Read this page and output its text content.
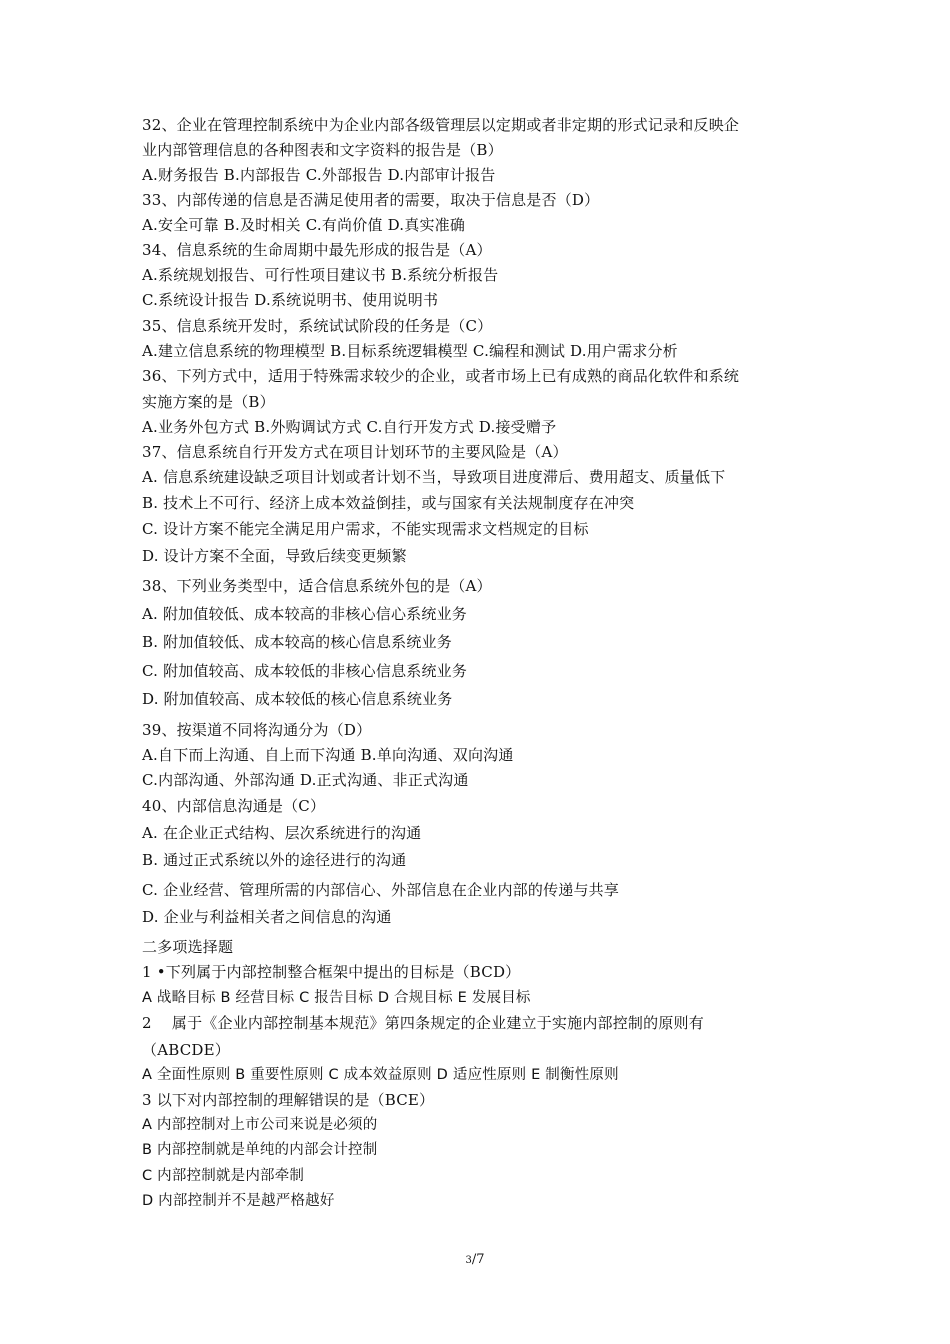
32、企业在管理控制系统中为企业内部各级管理层以定期或者非定期的形式记录和反映企
业内部管理信息的各种图表和文字资料的报告是（B）
A.财务报告 B.内部报告 C.外部报告 D.内部审计报告
33、内部传递的信息是否满足使用者的需要，取决于信息是否（D）
A.安全可靠 B.及时相关 C.有尚价值 D.真实准确
34、信息系统的生命周期中最先形成的报告是（A）
A.系统规划报告、可行性项目建议书 B.系统分析报告
C.系统设计报告 D.系统说明书、使用说明书
35、信息系统开发时，系统试试阶段的任务是（C）
A.建立信息系统的物理模型 B.目标系统逻辑模型 C.编程和测试 D.用户需求分析
36、下列方式中，适用于特殊需求较少的企业，或者市场上已有成熟的商品化软件和系统
实施方案的是（B）
A.业务外包方式 B.外购调试方式 C.自行开发方式 D.接受赠予
37、信息系统自行开发方式在项目计划环节的主要风险是（A）
A. 信息系统建设缺乏项目计划或者计划不当，导致项目进度滞后、费用超支、质量低下
B. 技术上不可行、经济上成本效益倒挂，或与国家有关法规制度存在冲突
C. 设计方案不能完全满足用户需求，不能实现需求文档规定的目标
D. 设计方案不全面，导致后续变更频繁
38、下列业务类型中，适合信息系统外包的是（A）
A. 附加值较低、成本较高的非核心信心系统业务
B. 附加值较低、成本较高的核心信息系统业务
C. 附加值较高、成本较低的非核心信息系统业务
D. 附加值较高、成本较低的核心信息系统业务
39、按渠道不同将沟通分为（D）
A.自下而上沟通、自上而下沟通 B.单向沟通、双向沟通
C.内部沟通、外部沟通 D.正式沟通、非正式沟通
40、内部信息沟通是（C）
A. 在企业正式结构、层次系统进行的沟通
B. 通过正式系统以外的途径进行的沟通
C. 企业经营、管理所需的内部信心、外部信息在企业内部的传递与共享
D. 企业与利益相关者之间信息的沟通
二多项选择题
1 •下列属于内部控制整合框架中提出的目标是（BCD）
A 战略目标 B 经营目标 C 报告目标 D 合规目标 E 发展目标
2　 属于《企业内部控制基本规范》第四条规定的企业建立于实施内部控制的原则有
（ABCDE）
A 全面性原则 B 重要性原则 C 成本效益原则 D 适应性原则 E 制衡性原则
3 以下对内部控制的理解错误的是（BCE）
A 内部控制对上市公司来说是必须的
B 内部控制就是单纯的内部会计控制
C 内部控制就是内部牵制
D 内部控制并不是越严格越好
3/7
